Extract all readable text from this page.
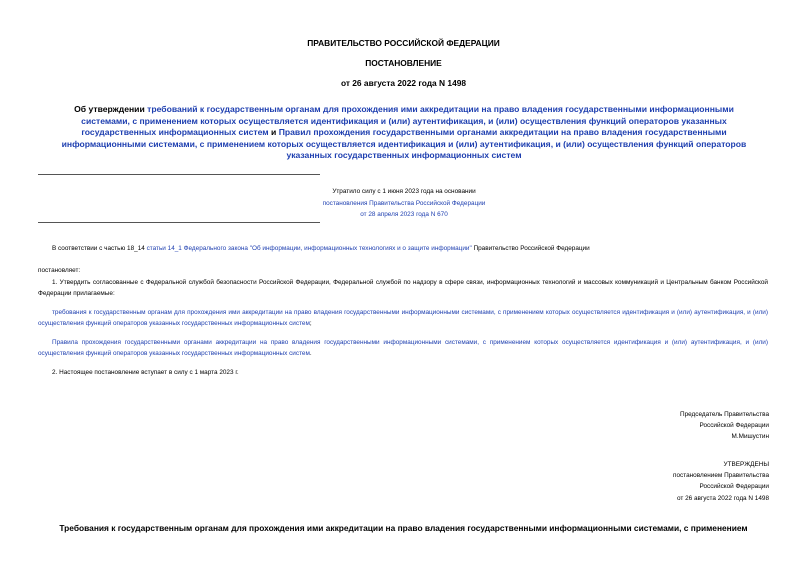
ПРАВИТЕЛЬСТВО РОССИЙСКОЙ ФЕДЕРАЦИИ
ПОСТАНОВЛЕНИЕ
от 26 августа 2022 года N 1498
Об утверждении требований к государственным органам для прохождения ими аккредитации на право владения государственными информационными системами, с применением которых осуществляется идентификация и (или) аутентификация, и (или) осуществления функций операторов указанных государственных информационных систем и Правил прохождения государственными органами аккредитации на право владения государственными информационными системами, с применением которых осуществляется идентификация и (или) аутентификация, и (или) осуществления функций операторов указанных государственных информационных систем
Утратило силу с 1 июня 2023 года на основании
постановления Правительства Российской Федерации
от 28 апреля 2023 года N 670

В соответствии с частью 18_14 статьи 14_1 Федерального закона "Об информации, информационных технологиях и о защите информации" Правительство Российской Федерации

постановляет:

1. Утвердить согласованные с Федеральной службой безопасности Российской Федерации, Федеральной службой по надзору в сфере связи, информационных технологий и массовых коммуникаций и Центральным банком Российской Федерации прилагаемые:

требования к государственным органам для прохождения ими аккредитации на право владения государственными информационными системами, с применением которых осуществляется идентификация и (или) аутентификация, и (или) осуществления функций операторов указанных государственных информационных систем;

Правила прохождения государственными органами аккредитации на право владения государственными информационными системами, с применением которых осуществляется идентификация и (или) аутентификация, и (или) осуществления функций операторов указанных государственных информационных систем.

2. Настоящее постановление вступает в силу с 1 марта 2023 г.

Председатель Правительства
Российской Федерации
М.Мишустин
УТВЕРЖДЕНЫ
постановлением Правительства
Российской Федерации
от 26 августа 2022 года N 1498
Требования к государственным органам для прохождения ими аккредитации на право владения государственными информационными системами, с применением
